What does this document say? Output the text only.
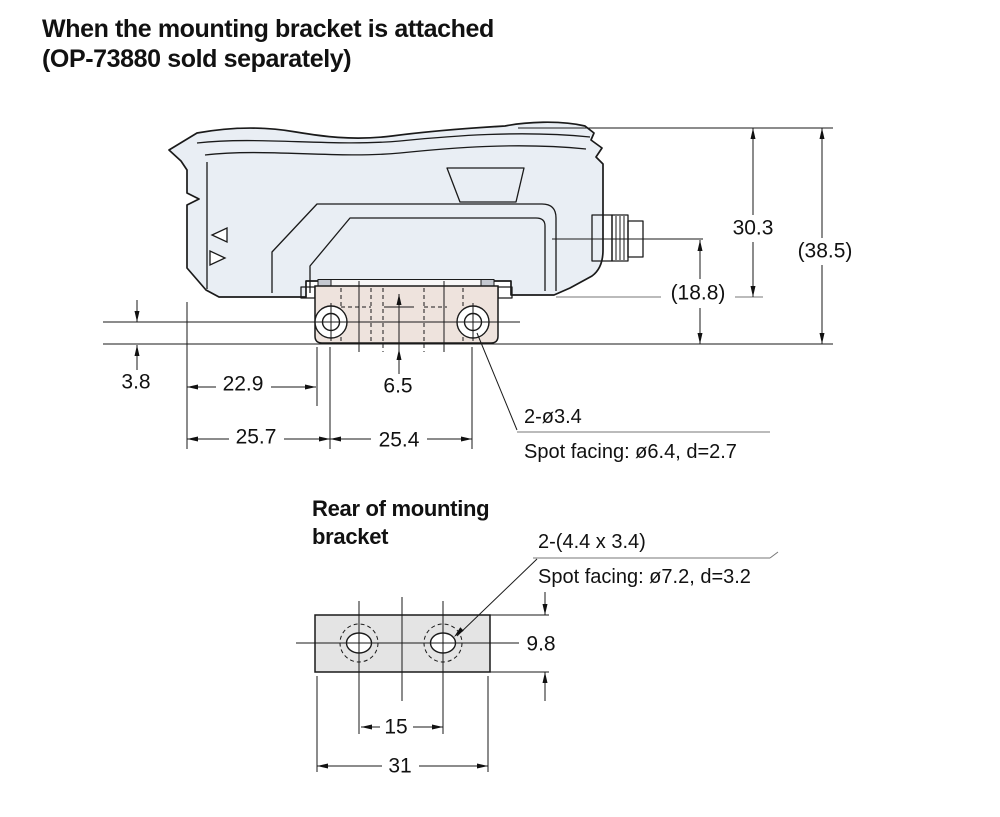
When the mounting bracket is attached
(OP-73880 sold separately)
Rear of mounting
bracket
30.3
(38.5)
(18.8)
3.8	22.9
25.7	25.4
6.5
2-ø3.4
Spot facing: ø6.4, d=2.7
9.8
15
31
2-(4.4 x 3.4)
Spot facing: ø7.2, d=3.2
